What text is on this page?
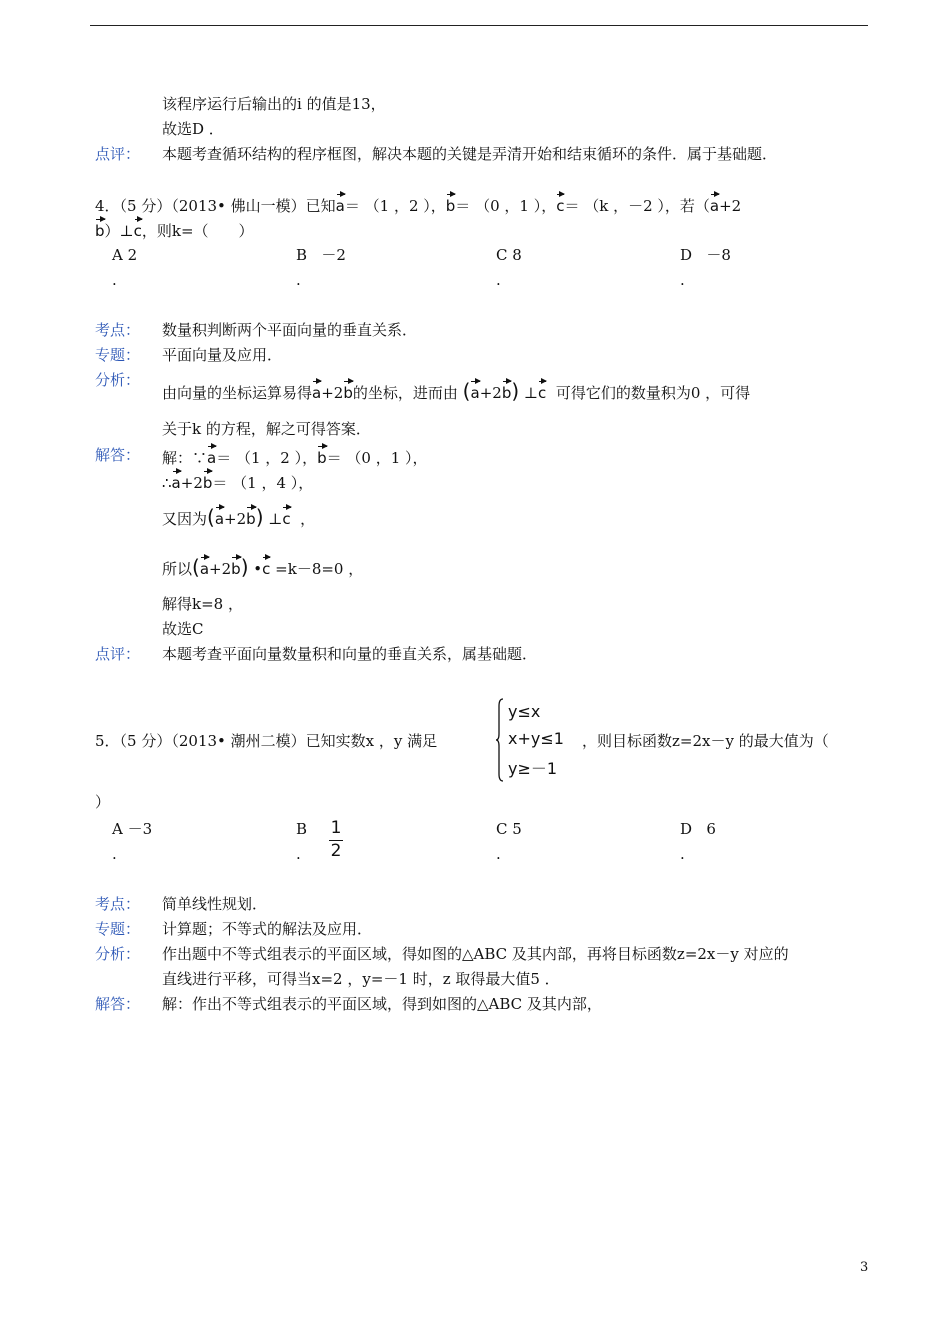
该程序运行后输出的i 的值是13，
故选D ．
点评： 本题考查循环结构的程序框图，解决本题的关键是弄清开始和结束循环的条件．属于基础题．
4．（5 分）（2013• 佛山一模）已知a＝ （1 ，2 ），b＝ （0 ，1 ），c＝ （k ，－2 ），若（a+2
b）⊥c，则k=（　　）
A 2
.
B －2
.
C 8
.
D －8
.
考点： 数量积判断两个平面向量的垂直关系．
专题： 平面向量及应用．
分析：
由向量的坐标运算易得a+2b的坐标，进而由 (a+2b) ⊥c 可得它们的数量积为0 ，可得
关于k 的方程，解之可得答案．
解答： 解：∵a＝ （1 ，2 ），b＝ （0 ，1 ），
∴a+2b＝ （1 ，4 ），
又因为(a+2b) ⊥c ，
所以(a+2b) •c =k－8=0 ，
解得k=8 ，
故选C
点评： 本题考查平面向量数量积和向量的垂直关系，属基础题．
5．（5 分）（2013• 潮州二模）已知实数x ，y 满足
y≤x
x+y≤1
y≥－1
，则目标函数z=2x－y 的最大值为（
）
A －3
.
B 1
2
.
C 5
.
D 6
.
考点： 简单线性规划．
专题： 计算题；不等式的解法及应用．
分析： 作出题中不等式组表示的平面区域，得如图的△ABC 及其内部，再将目标函数z=2x－y 对应的
直线进行平移，可得当x=2 ，y=－1 时，z 取得最大值5 ．
解答： 解：作出不等式组表示的平面区域，得到如图的△ABC 及其内部，
3
